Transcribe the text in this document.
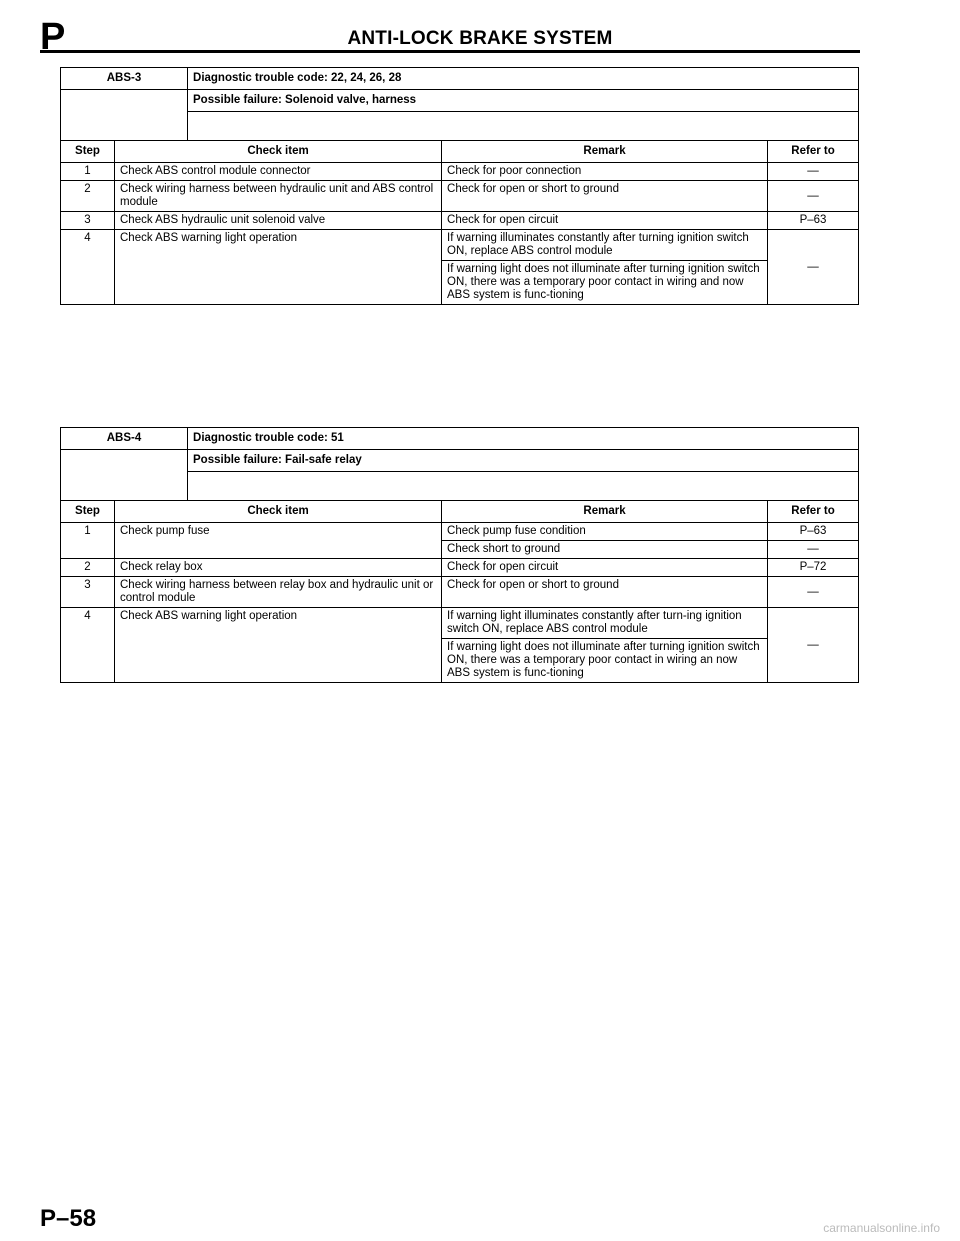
P	ANTI-LOCK BRAKE SYSTEM
ABS-3		Diagnostic trouble code: 22, 24, 26, 28		
		Possible failure: Solenoid valve, harness		

Step	Check item		Remark	Refer to
1	Check ABS control module connector		Check for poor connection	—
2	Check wiring harness between hydraulic unit and ABS control module		Check for open or short to ground	—
3	Check ABS hydraulic unit solenoid valve		Check for open circuit	P–63
4	Check ABS warning light operation		If warning illuminates constantly after turning ignition switch ON, replace ABS control module	—
			If warning light does not illuminate after turning ignition switch ON, there was a temporary poor contact in wiring and now ABS system is func-tioning	
ABS-4		Diagnostic trouble code: 51		
		Possible failure: Fail-safe relay		

Step	Check item		Remark	Refer to
1	Check pump fuse		Check pump fuse condition	P–63
			Check short to ground	—
2	Check relay box		Check for open circuit	P–72
3	Check wiring harness between relay box and hydraulic unit or control module		Check for open or short to ground	—
4	Check ABS warning light operation		If warning light illuminates constantly after turn-ing ignition switch ON, replace ABS control module	—
			If warning light does not illuminate after turning ignition switch ON, there was a temporary poor contact in wiring an now ABS system is func-tioning	
P–58	carmanualsonline.info
